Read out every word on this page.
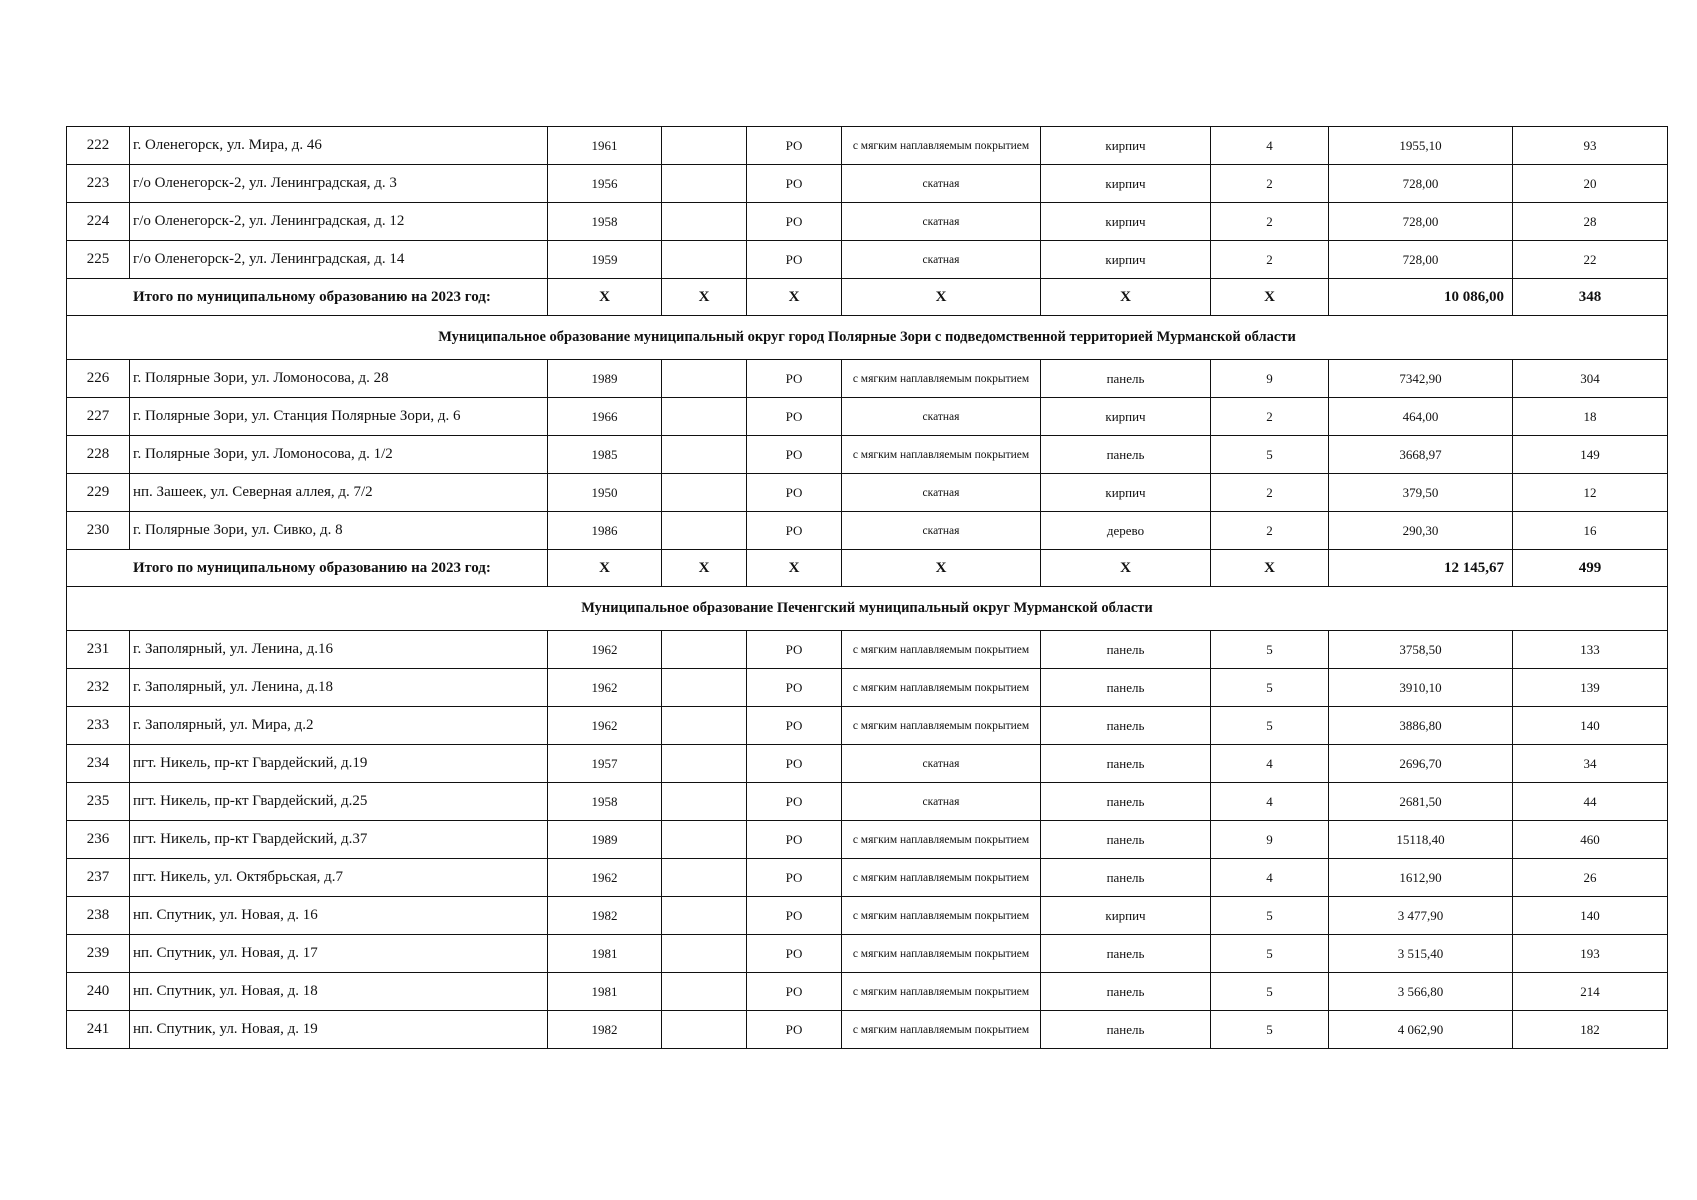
222	г. Оленегорск, ул. Мира, д. 46	1961		РО	с мягким наплавляемым покрытием	кирпич	4	1955,10	93
223	г/о Оленегорск-2, ул. Ленинградская, д. 3	1956		РО	скатная	кирпич	2	728,00	20
224	г/о Оленегорск-2, ул. Ленинградская, д. 12	1958		РО	скатная	кирпич	2	728,00	28
225	г/о Оленегорск-2, ул. Ленинградская, д. 14	1959		РО	скатная	кирпич	2	728,00	22
Итого по муниципальному образованию на 2023 год:		Х	Х	Х	Х	Х	Х	10 086,00	348
Муниципальное образование муниципальный округ город Полярные Зори с подведомственной территорией Мурманской области									
226	г. Полярные Зори, ул. Ломоносова, д. 28	1989		РО	с мягким наплавляемым покрытием	панель	9	7342,90	304
227	г. Полярные Зори, ул. Станция Полярные Зори, д. 6	1966		РО	скатная	кирпич	2	464,00	18
228	г. Полярные Зори, ул. Ломоносова, д. 1/2	1985		РО	с мягким наплавляемым покрытием	панель	5	3668,97	149
229	нп. Зашеек, ул. Северная аллея, д. 7/2	1950		РО	скатная	кирпич	2	379,50	12
230	г. Полярные Зори, ул. Сивко, д. 8	1986		РО	скатная	дерево	2	290,30	16
Итого по муниципальному образованию на 2023 год:		Х	Х	Х	Х	Х	Х	12 145,67	499
Муниципальное образование Печенгский муниципальный округ Мурманской области									
231	г. Заполярный, ул. Ленина, д.16	1962		РО	с мягким наплавляемым покрытием	панель	5	3758,50	133
232	г. Заполярный, ул. Ленина, д.18	1962		РО	с мягким наплавляемым покрытием	панель	5	3910,10	139
233	г. Заполярный, ул. Мира, д.2	1962		РО	с мягким наплавляемым покрытием	панель	5	3886,80	140
234	пгт. Никель, пр-кт Гвардейский, д.19	1957		РО	скатная	панель	4	2696,70	34
235	пгт. Никель, пр-кт Гвардейский, д.25	1958		РО	скатная	панель	4	2681,50	44
236	пгт. Никель, пр-кт Гвардейский, д.37	1989		РО	с мягким наплавляемым покрытием	панель	9	15118,40	460
237	пгт. Никель, ул. Октябрьская, д.7	1962		РО	с мягким наплавляемым покрытием	панель	4	1612,90	26
238	нп. Спутник, ул. Новая, д. 16	1982		РО	с мягким наплавляемым покрытием	кирпич	5	3 477,90	140
239	нп. Спутник, ул. Новая, д. 17	1981		РО	с мягким наплавляемым покрытием	панель	5	3 515,40	193
240	нп. Спутник, ул. Новая, д. 18	1981		РО	с мягким наплавляемым покрытием	панель	5	3 566,80	214
241	нп. Спутник, ул. Новая, д. 19	1982		РО	с мягким наплавляемым покрытием	панель	5	4 062,90	182
